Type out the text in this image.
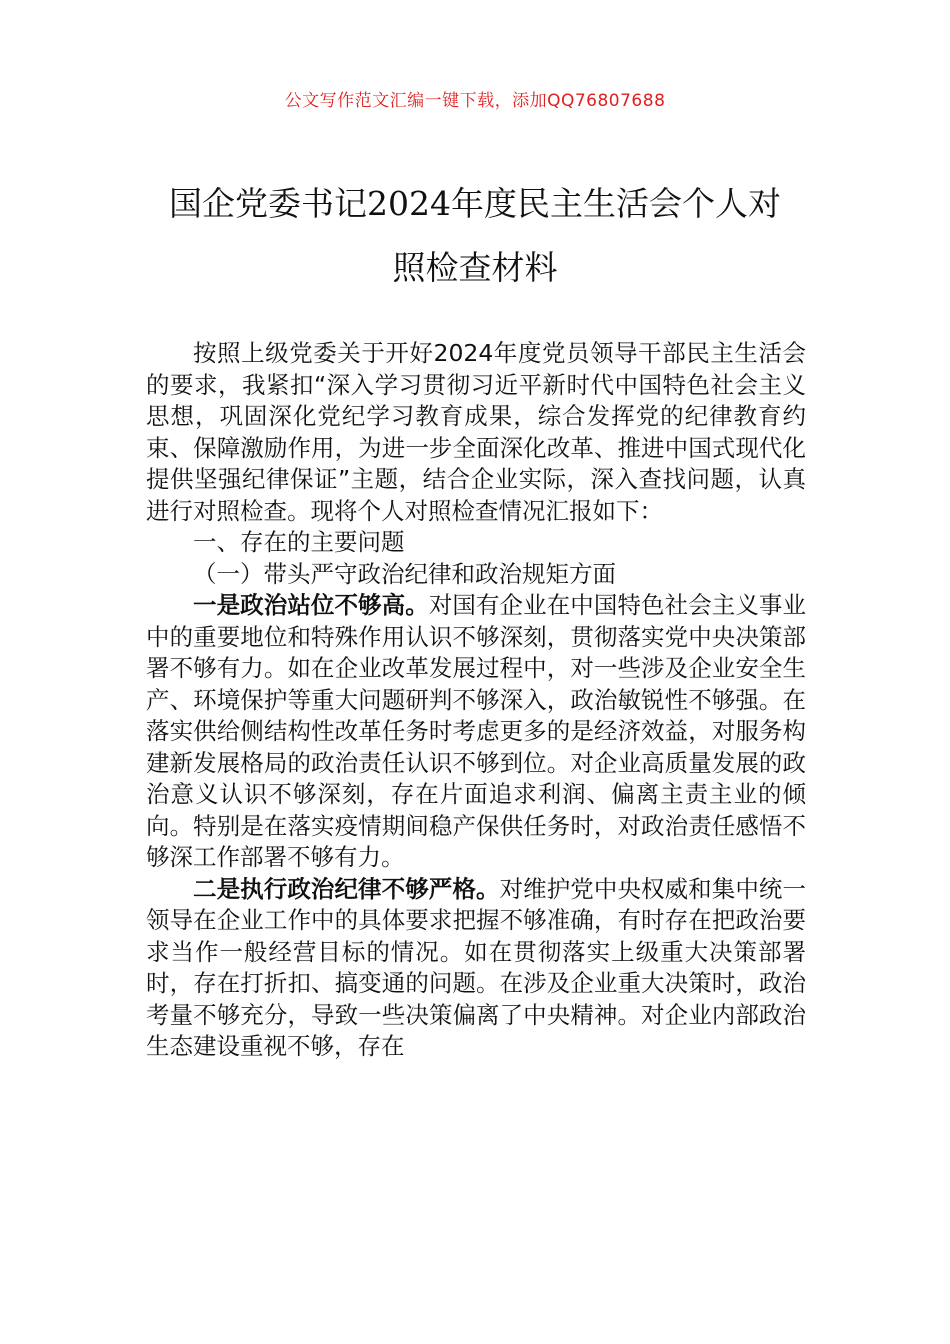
公文写作范文汇编一键下载，添加QQ76807688
国企党委书记2024年度民主生活会个人对
照检查材料

按照上级党委关于开好2024年度党员领导干部民主生活会的要求，我紧扣“深入学习贯彻习近平新时代中国特色社会主义思想，巩固深化党纪学习教育成果，综合发挥党的纪律教育约束、保障激励作用，为进一步全面深化改革、推进中国式现代化提供坚强纪律保证”主题，结合企业实际，深入查找问题，认真进行对照检查。现将个人对照检查情况汇报如下：

一、存在的主要问题

（一）带头严守政治纪律和政治规矩方面

一是政治站位不够高。对国有企业在中国特色社会主义事业中的重要地位和特殊作用认识不够深刻，贯彻落实党中央决策部署不够有力。如在企业改革发展过程中，对一些涉及企业安全生产、环境保护等重大问题研判不够深入，政治敏锐性不够强。在落实供给侧结构性改革任务时考虑更多的是经济效益，对服务构建新发展格局的政治责任认识不够到位。对企业高质量发展的政治意义认识不够深刻，存在片面追求利润、偏离主责主业的倾向。特别是在落实疫情期间稳产保供任务时，对政治责任感悟不够深工作部署不够有力。

二是执行政治纪律不够严格。对维护党中央权威和集中统一领导在企业工作中的具体要求把握不够准确，有时存在把政治要求当作一般经营目标的情况。如在贯彻落实上级重大决策部署时，存在打折扣、搞变通的问题。在涉及企业重大决策时，政治考量不够充分，导致一些决策偏离了中央精神。对企业内部政治生态建设重视不够，存在
